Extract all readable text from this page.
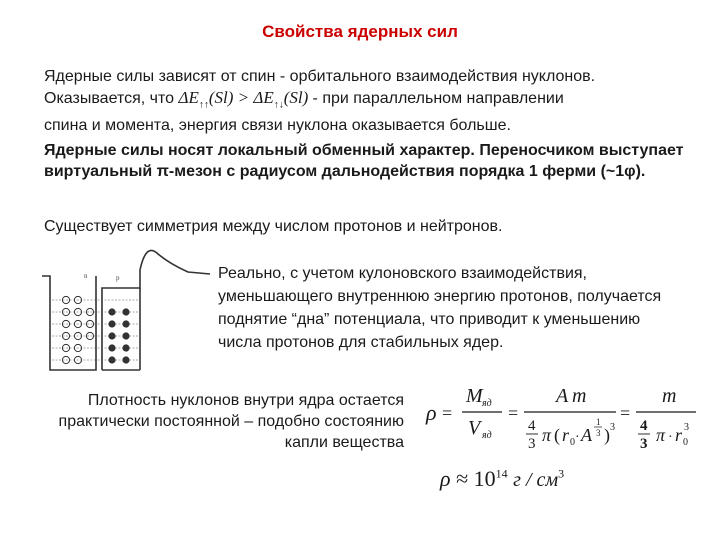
Свойства ядерных сил
Ядерные силы зависят от спин - орбитального взаимодействия нуклонов.
Оказывается, что $\Delta E_{↑↑}(Sl) > \Delta E_{↑↓}(Sl)$ - при параллельном направлении
спина и момента, энергия связи нуклона оказывается больше.
Ядерные силы носят локальный обменный характер. Переносчиком выступает виртуальный π-мезон с радиусом дальнодействия порядка 1 ферми (~1φ).
Существует симметрия между числом протонов и нейтронов.
n	p	Реально, с учетом кулоновского взаимодействия, уменьшающего внутреннюю энергию протонов, получается поднятие “дна” потенциала, что приводит к уменьшению числа протонов для стабильных ядер.
Плотность нуклонов внутри ядра остается практически постоянной – подобно состоянию капли вещества
ρ =
M яд
V яд
=
A m
4
3 π ( r 0 · A
1
3 ) 3
=
m
4
3 π · r 0
3
$\rho \approx 10^{14}$ г / $см^3$
